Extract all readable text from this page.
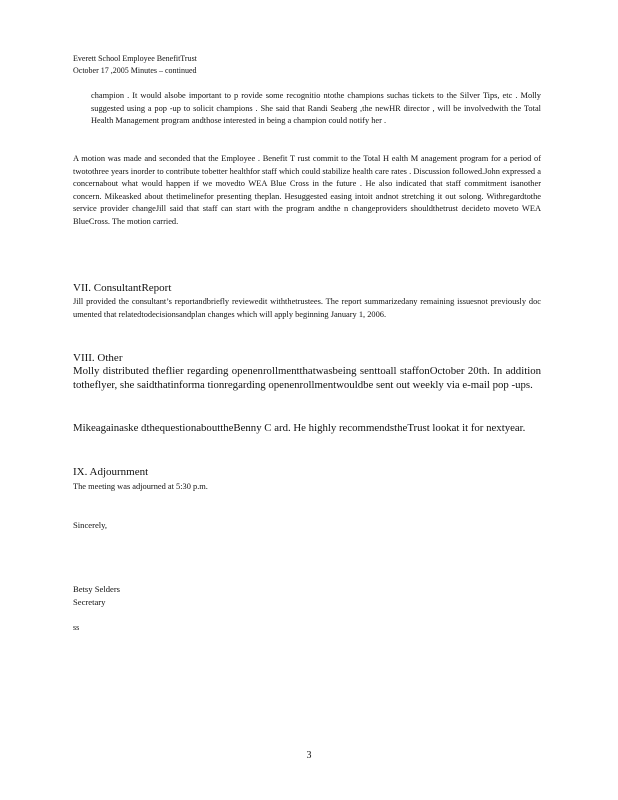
Everett School Employee BenefitTrust
October 17 ,2005 Minutes – continued
champion . It would alsobe important to p rovide some recognitio ntothe champions suchas tickets to the Silver Tips, etc . Molly suggested using a pop -up to solicit champions . She said that Randi Seaberg ,the newHR director , will be involvedwith the Total Health Management program andthose interested in being a champion could notify her .
A motion was made and seconded that the Employee . Benefit T rust commit to the Total H ealth M anagement program for a period of twotothree years inorder to contribute tobetter healthfor staff which could stabilize health care rates . Discussion followed.John expressed a concernabout what would happen if we movedto WEA Blue Cross in the future . He also indicated that staff commitment isanother concern. Mikeasked about thetimelinefor presenting theplan. Hesuggested easing intoit andnot stretching it out solong. Withregardtothe service provider changeJill said that staff can start with the program andthe n changeproviders shouldthetrust decideto moveto WEA BlueCross. The motion carried.
VII. ConsultantReport
Jill provided the consultant’s reportandbriefly reviewedit withthetrustees. The report summarizedany remaining issuesnot previously doc umented that relatedtodecisionsandplan changes which will apply beginning January 1, 2006.
VIII. Other
Molly distributed theflier regarding openenrollmentthatwasbeing senttoall staffonOctober 20th. In addition totheflyer, she saidthatinforma tionregarding openenrollmentwouldbe sent out weekly via e-mail pop -ups.
Mikeagainaske dthequestionabouttheBenny C ard. He highly recommendstheTrust lookat it for nextyear.
IX. Adjournment
The meeting was adjourned at 5:30 p.m.
Sincerely,
Betsy Selders
Secretary
ss
3
